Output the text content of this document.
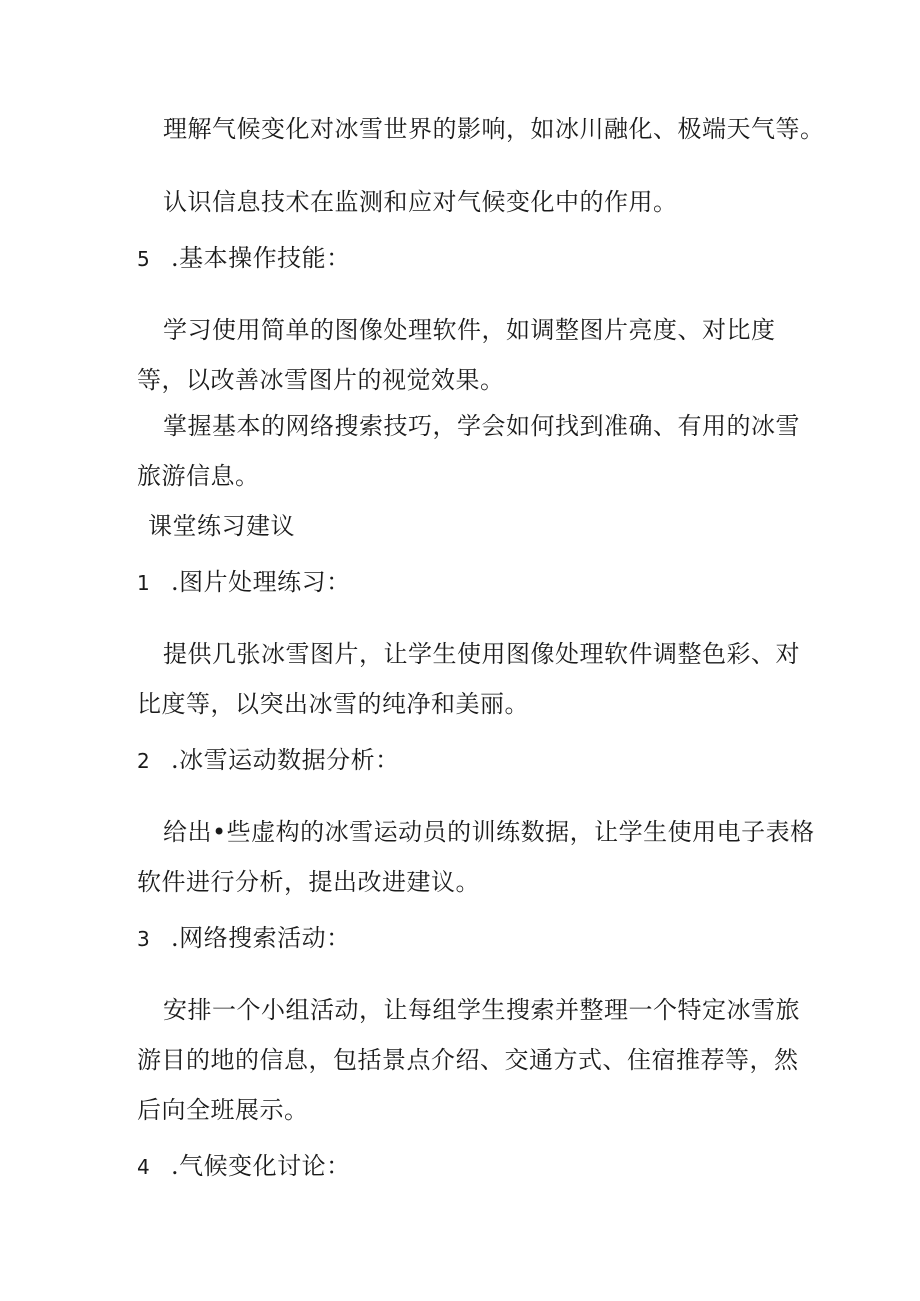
理解气候变化对冰雪世界的影响，如冰川融化、极端天气等。
认识信息技术在监测和应对气候变化中的作用。
5 .基本操作技能：
学习使用简单的图像处理软件，如调整图片亮度、对比度
等，以改善冰雪图片的视觉效果。
掌握基本的网络搜索技巧，学会如何找到准确、有用的冰雪
旅游信息。
课堂练习建议
1 .图片处理练习：
提供几张冰雪图片，让学生使用图像处理软件调整色彩、对
比度等，以突出冰雪的纯净和美丽。
2 .冰雪运动数据分析：
给出•些虚构的冰雪运动员的训练数据，让学生使用电子表格
软件进行分析，提出改进建议。
3 .网络搜索活动：
安排一个小组活动，让每组学生搜索并整理一个特定冰雪旅
游目的地的信息，包括景点介绍、交通方式、住宿推荐等，然
后向全班展示。
4 .气候变化讨论：
